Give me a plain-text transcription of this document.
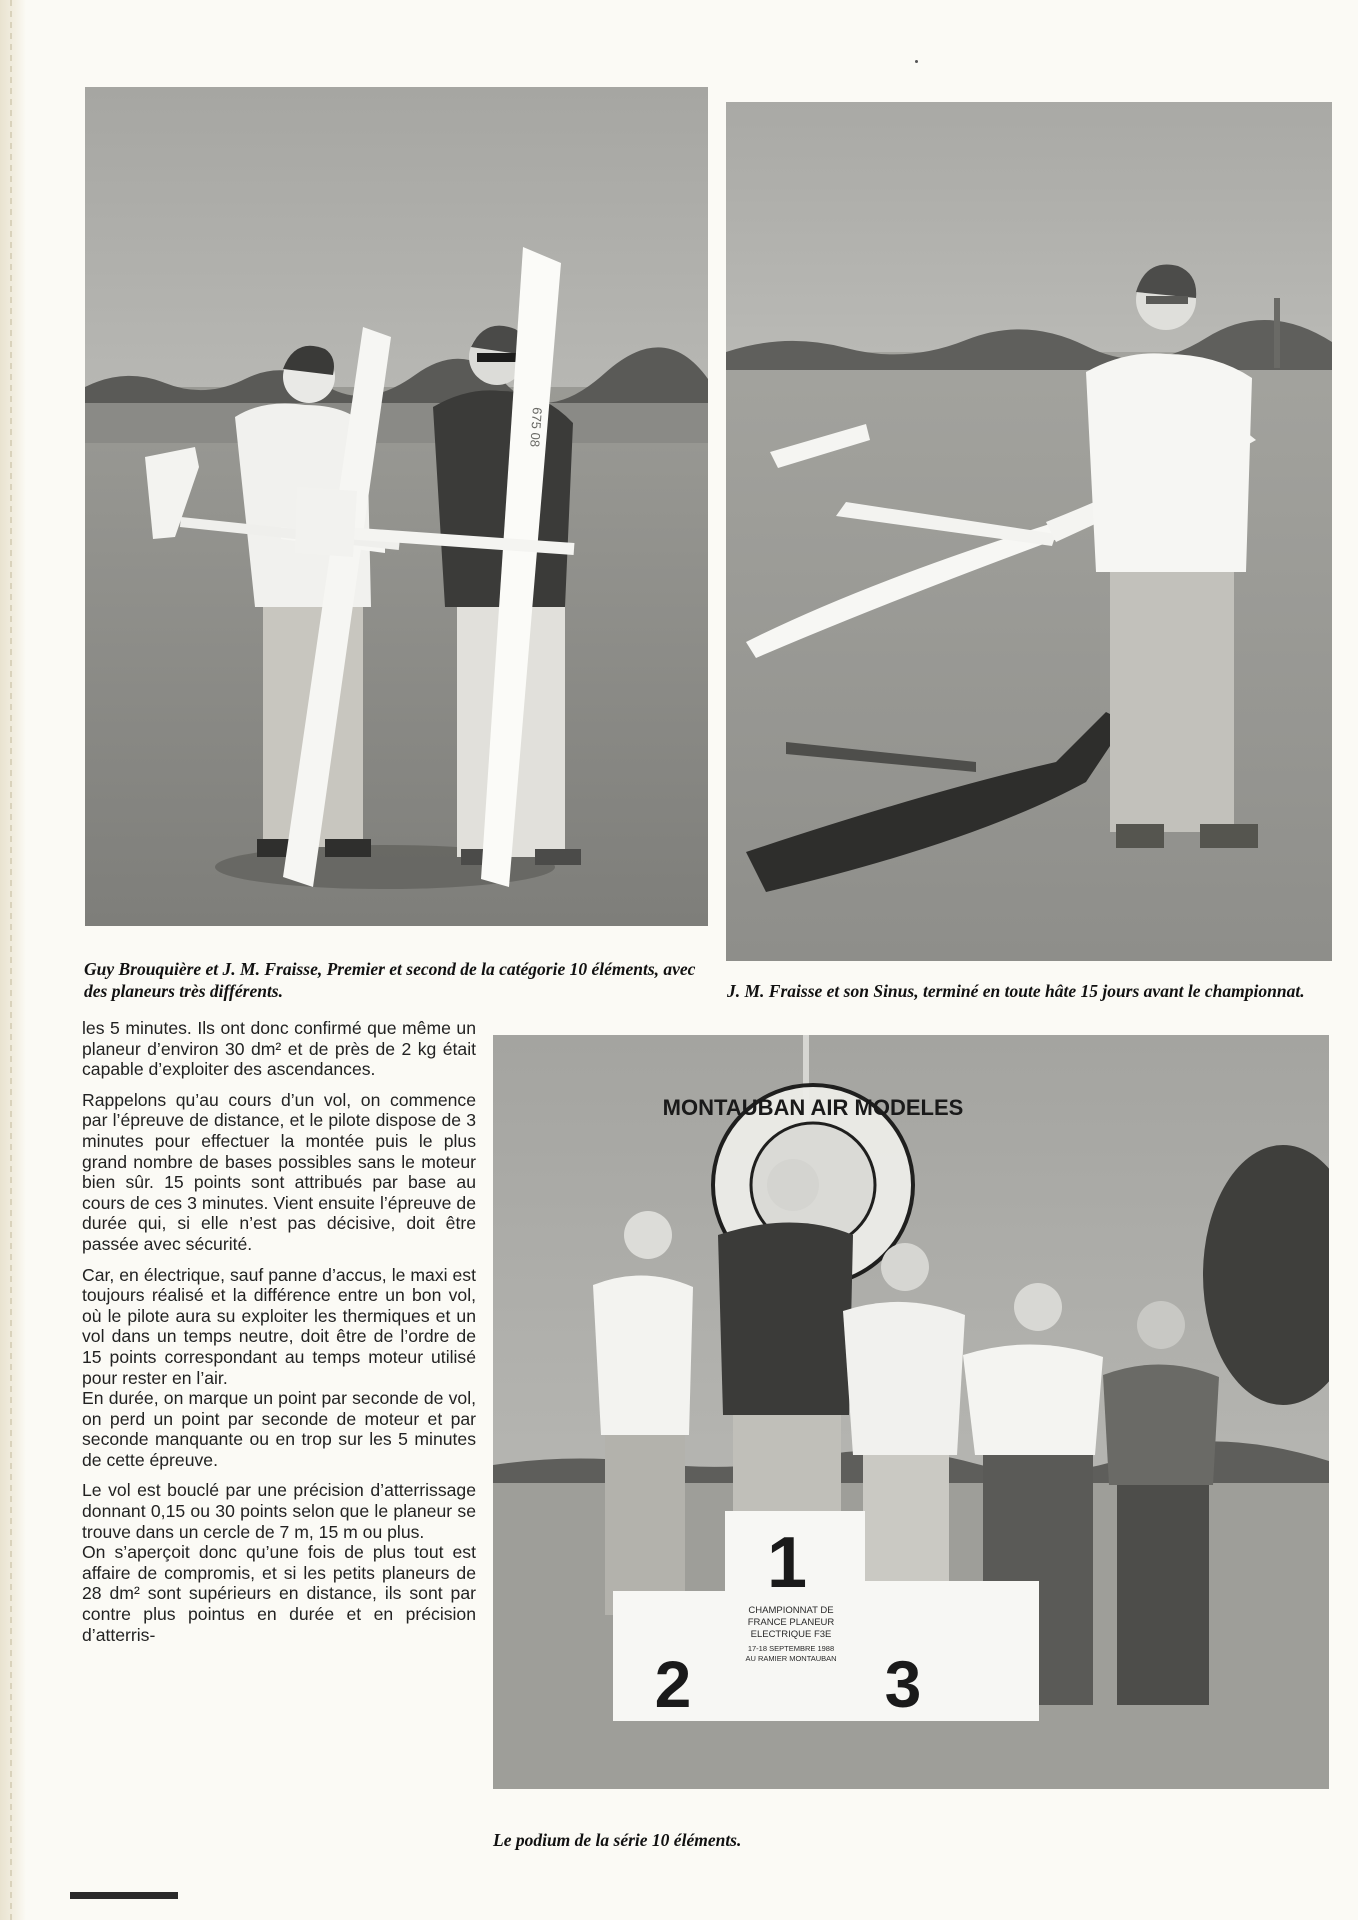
675 08
MONTAUBAN AIR MODELES
1
2	3
CHAMPIONNAT DE
FRANCE PLANEUR
ELECTRIQUE F3E
17-18 SEPTEMBRE 1988
AU RAMIER MONTAUBAN
Guy Brouquière et J. M. Fraisse, Premier et second de la catégorie 10 éléments, avec des planeurs très différents.	J. M. Fraisse et son Sinus, terminé en toute hâte 15 jours avant le championnat.
Le podium de la série 10 éléments.

les 5 minutes. Ils ont donc confirmé que même un planeur d’environ 30 dm² et de près de 2 kg était capable d’exploiter des ascendances.

Rappelons qu’au cours d’un vol, on commence par l’épreuve de distance, et le pilote dispose de 3 minutes pour effectuer la montée puis le plus grand nombre de bases possibles sans le moteur bien sûr. 15 points sont attribués par base au cours de ces 3 minutes. Vient ensuite l’épreuve de durée qui, si elle n’est pas décisive, doit être passée avec sécurité.

Car, en électrique, sauf panne d’accus, le maxi est toujours réalisé et la différence entre un bon vol, où le pilote aura su exploiter les thermiques et un vol dans un temps neutre, doit être de l’ordre de 15 points correspondant au temps moteur utilisé pour rester en l’air.

En durée, on marque un point par seconde de vol, on perd un point par seconde de moteur et par seconde manquante ou en trop sur les 5 minutes de cette épreuve.

Le vol est bouclé par une précision d’atterrissage donnant 0,15 ou 30 points selon que le planeur se trouve dans un cercle de 7 m, 15 m ou plus.

On s’aperçoit donc qu’une fois de plus tout est affaire de compromis, et si les petits planeurs de 28 dm² sont supérieurs en distance, ils sont par contre plus pointus en durée et en précision d’atterris-
